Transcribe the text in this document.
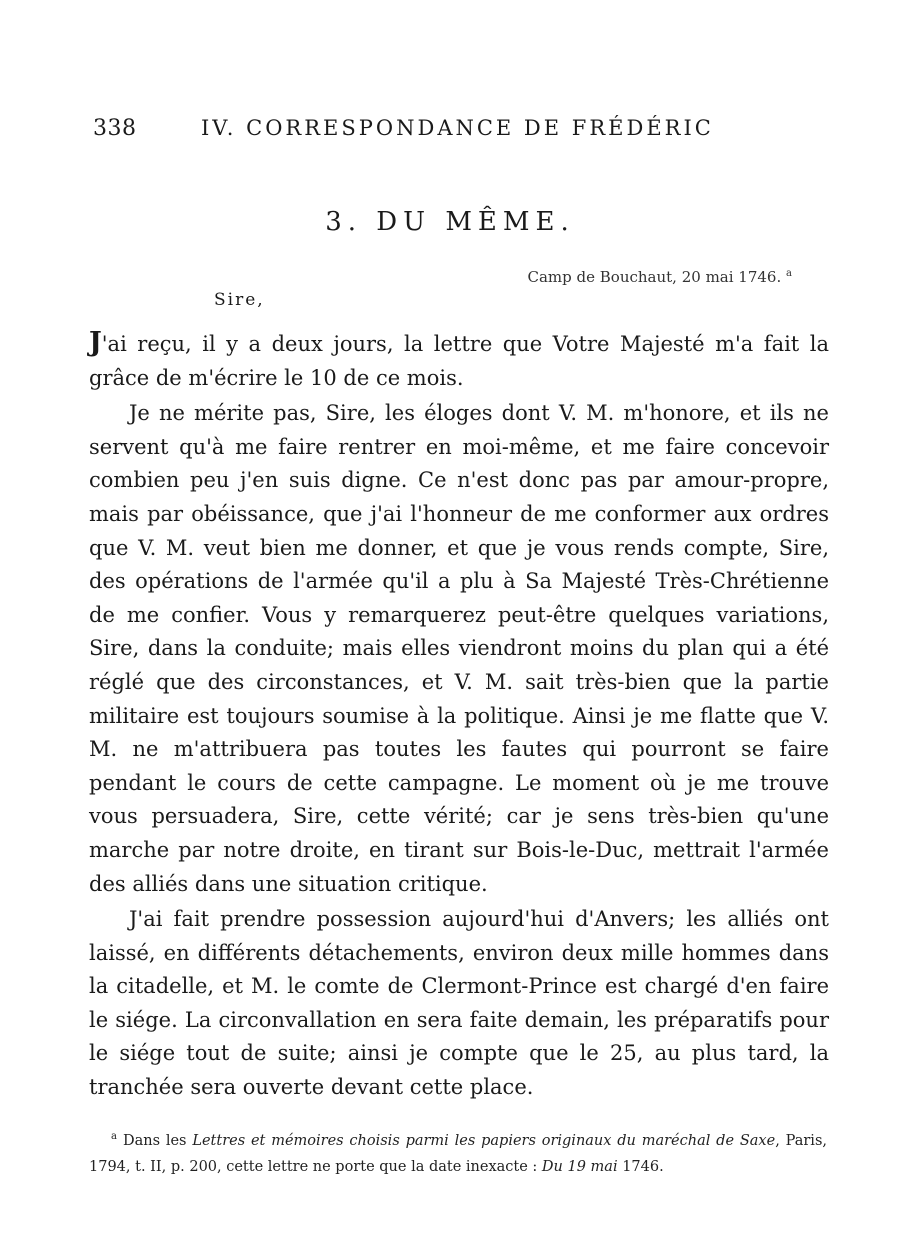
338	IV. CORRESPONDANCE DE FRÉDÉRIC
3. DU MÊME.
Camp de Bouchaut, 20 mai 1746. $^a$
Sire,

J'ai reçu, il y a deux jours, la lettre que Votre Majesté m'a fait la grâce de m'écrire le 10 de ce mois.

Je ne mérite pas, Sire, les éloges dont V. M. m'honore, et ils ne servent qu'à me faire rentrer en moi-même, et me faire concevoir combien peu j'en suis digne. Ce n'est donc pas par amour-propre, mais par obéissance, que j'ai l'honneur de me conformer aux ordres que V. M. veut bien me donner, et que je vous rends compte, Sire, des opérations de l'armée qu'il a plu à Sa Majesté Très-Chrétienne de me confier. Vous y remarquerez peut-être quelques variations, Sire, dans la conduite; mais elles viendront moins du plan qui a été réglé que des circonstances, et V. M. sait très-bien que la partie militaire est toujours soumise à la politique. Ainsi je me flatte que V. M. ne m'attribuera pas toutes les fautes qui pourront se faire pendant le cours de cette campagne. Le moment où je me trouve vous persuadera, Sire, cette vérité; car je sens très-bien qu'une marche par notre droite, en tirant sur Bois-le-Duc, mettrait l'armée des alliés dans une situation critique.

J'ai fait prendre possession aujourd'hui d'Anvers; les alliés ont laissé, en différents détachements, environ deux mille hommes dans la citadelle, et M. le comte de Clermont-Prince est chargé d'en faire le siége. La circonvallation en sera faite demain, les préparatifs pour le siége tout de suite; ainsi je compte que le 25, au plus tard, la tranchée sera ouverte devant cette place.

$^a$ Dans les Lettres et mémoires choisis parmi les papiers originaux du maréchal de Saxe, Paris, 1794, t. II, p. 200, cette lettre ne porte que la date inexacte : Du 19 mai 1746.
